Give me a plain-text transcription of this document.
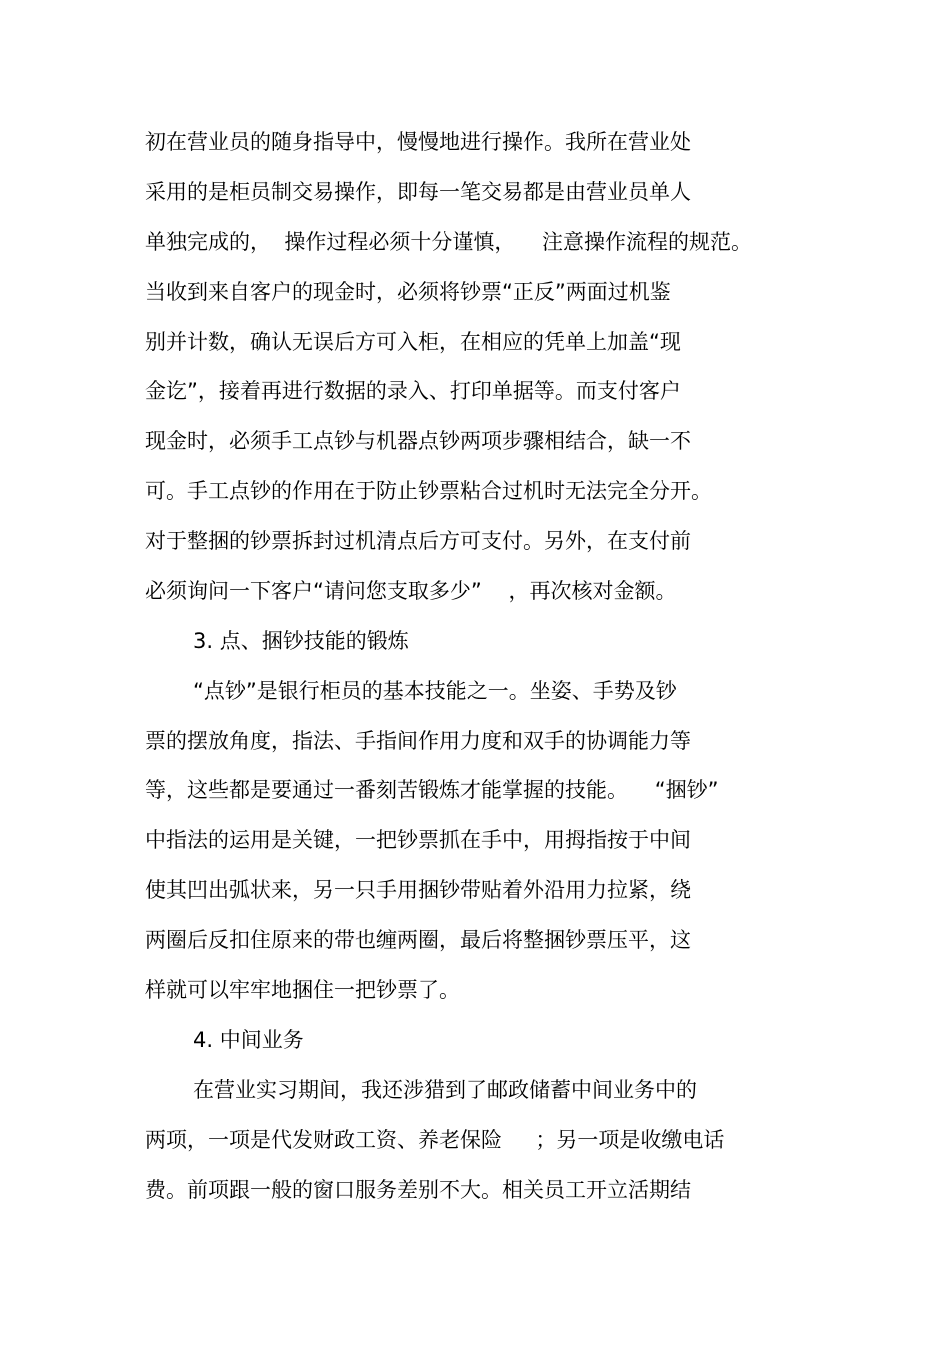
初在营业员的随身指导中，慢慢地进行操作。我所在营业处
采用的是柜员制交易操作，即每一笔交易都是由营业员单人
单独完成的，  操作过程必须十分谨慎，    注意操作流程的规范。
当收到来自客户的现金时，必须将钞票“正反”两面过机鉴
别并计数，确认无误后方可入柜，在相应的凭单上加盖“现
金讫”，接着再进行数据的录入、打印单据等。而支付客户
现金时，必须手工点钞与机器点钞两项步骤相结合，缺一不
可。手工点钞的作用在于防止钞票粘合过机时无法完全分开。
对于整捆的钞票拆封过机清点后方可支付。另外，在支付前
必须询问一下客户“请问您支取多少”    ，再次核对金额。
3. 点、捆钞技能的锻炼
“点钞”是银行柜员的基本技能之一。坐姿、手势及钞
票的摆放角度，指法、手指间作用力度和双手的协调能力等
等，这些都是要通过一番刻苦锻炼才能掌握的技能。    “捆钞”
中指法的运用是关键，一把钞票抓在手中，用拇指按于中间
使其凹出弧状来，另一只手用捆钞带贴着外沿用力拉紧，绕
两圈后反扣住原来的带也缠两圈，最后将整捆钞票压平，这
样就可以牢牢地捆住一把钞票了。
4. 中间业务
在营业实习期间，我还涉猎到了邮政储蓄中间业务中的
两项，一项是代发财政工资、养老保险     ；另一项是收缴电话
费。前项跟一般的窗口服务差别不大。相关员工开立活期结
